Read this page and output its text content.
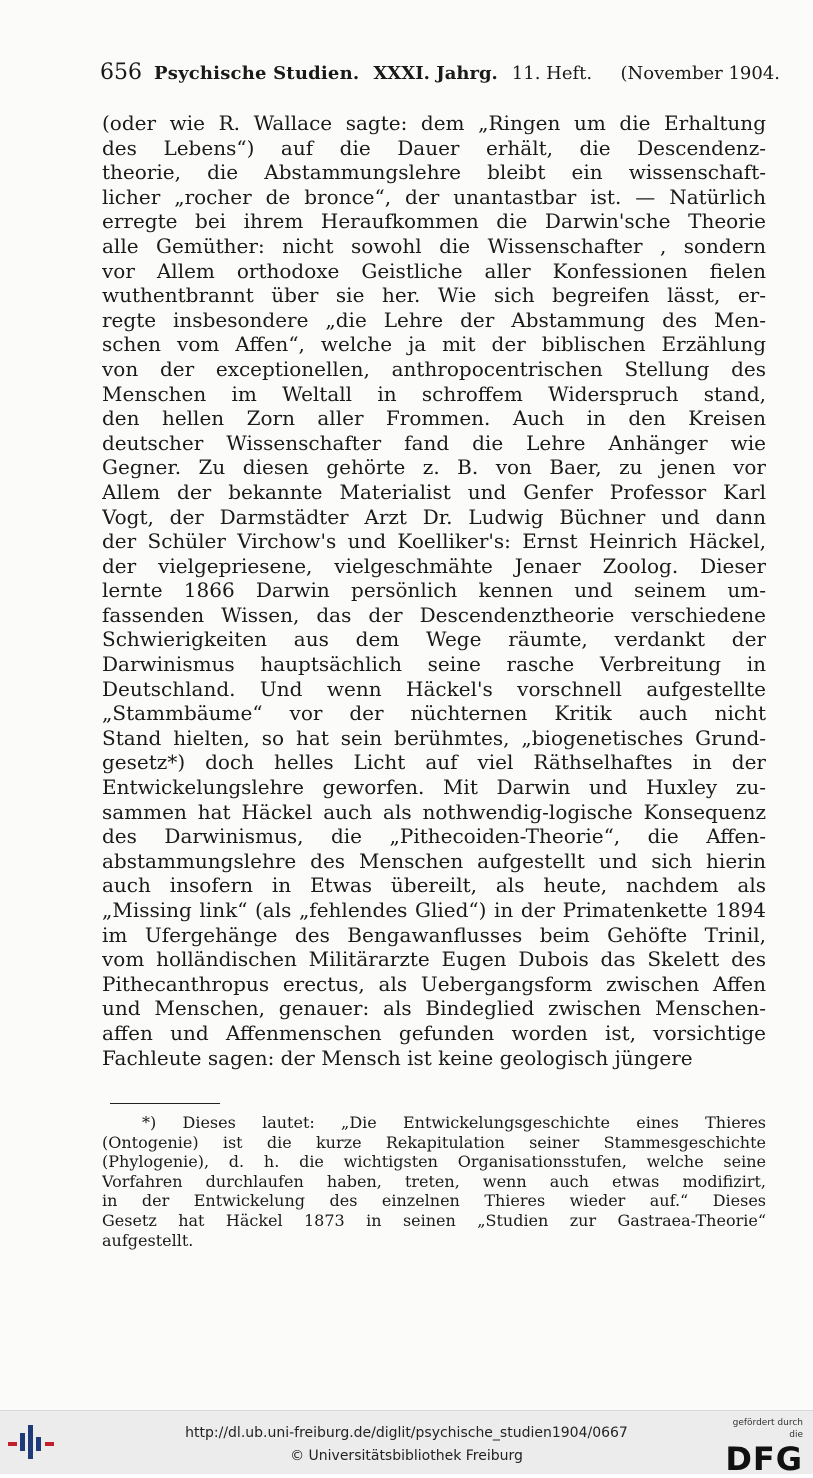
656 Psychische Studien. XXXI. Jahrg. 11. Heft. (November 1904.
(oder wie R. Wallace sagte: dem „Ringen um die Erhaltung
des Lebens“) auf die Dauer erhält, die Descendenz-
theorie, die Abstammungslehre bleibt ein wissenschaft-
licher „rocher de bronce“, der unantastbar ist. — Natürlich
erregte bei ihrem Heraufkommen die Darwin'sche Theorie
alle Gemüther: nicht sowohl die Wissenschafter , sondern
vor Allem orthodoxe Geistliche aller Konfessionen fielen
wuthentbrannt über sie her. Wie sich begreifen lässt, er-
regte insbesondere „die Lehre der Abstammung des Men-
schen vom Affen“, welche ja mit der biblischen Erzählung
von der exceptionellen, anthropocentrischen Stellung des
Menschen im Weltall in schroffem Widerspruch stand,
den hellen Zorn aller Frommen. Auch in den Kreisen
deutscher Wissenschafter fand die Lehre Anhänger wie
Gegner. Zu diesen gehörte z. B. von Baer, zu jenen vor
Allem der bekannte Materialist und Genfer Professor Karl
Vogt, der Darmstädter Arzt Dr. Ludwig Büchner und dann
der Schüler Virchow's und Koelliker's: Ernst Heinrich Häckel,
der vielgepriesene, vielgeschmähte Jenaer Zoolog. Dieser
lernte 1866 Darwin persönlich kennen und seinem um-
fassenden Wissen, das der Descendenztheorie verschiedene
Schwierigkeiten aus dem Wege räumte, verdankt der
Darwinismus hauptsächlich seine rasche Verbreitung in
Deutschland. Und wenn Häckel's vorschnell aufgestellte
„Stammbäume“ vor der nüchternen Kritik auch nicht
Stand hielten, so hat sein berühmtes, „biogenetisches Grund-
gesetz*) doch helles Licht auf viel Räthselhaftes in der
Entwickelungslehre geworfen. Mit Darwin und Huxley zu-
sammen hat Häckel auch als nothwendig-logische Konsequenz
des Darwinismus, die „Pithecoiden-Theorie“, die Affen-
abstammungslehre des Menschen aufgestellt und sich hierin
auch insofern in Etwas übereilt, als heute, nachdem als
„Missing link“ (als „fehlendes Glied“) in der Primatenkette 1894
im Ufergehänge des Bengawanflusses beim Gehöfte Trinil,
vom holländischen Militärarzte Eugen Dubois das Skelett des
Pithecanthropus erectus, als Uebergangsform zwischen Affen
und Menschen, genauer: als Bindeglied zwischen Menschen-
affen und Affenmenschen gefunden worden ist, vorsichtige
Fachleute sagen: der Mensch ist keine geologisch jüngere
*) Dieses lautet: „Die Entwickelungsgeschichte eines Thieres
(Ontogenie) ist die kurze Rekapitulation seiner Stammesgeschichte
(Phylogenie), d. h. die wichtigsten Organisationsstufen, welche seine
Vorfahren durchlaufen haben, treten, wenn auch etwas modifizirt,
in der Entwickelung des einzelnen Thieres wieder auf.“ Dieses
Gesetz hat Häckel 1873 in seinen „Studien zur Gastraea-Theorie“
aufgestellt.
http://dl.ub.uni-freiburg.de/diglit/psychische_studien1904/0667
© Universitätsbibliothek Freiburg
gefördert durch die
DFG
